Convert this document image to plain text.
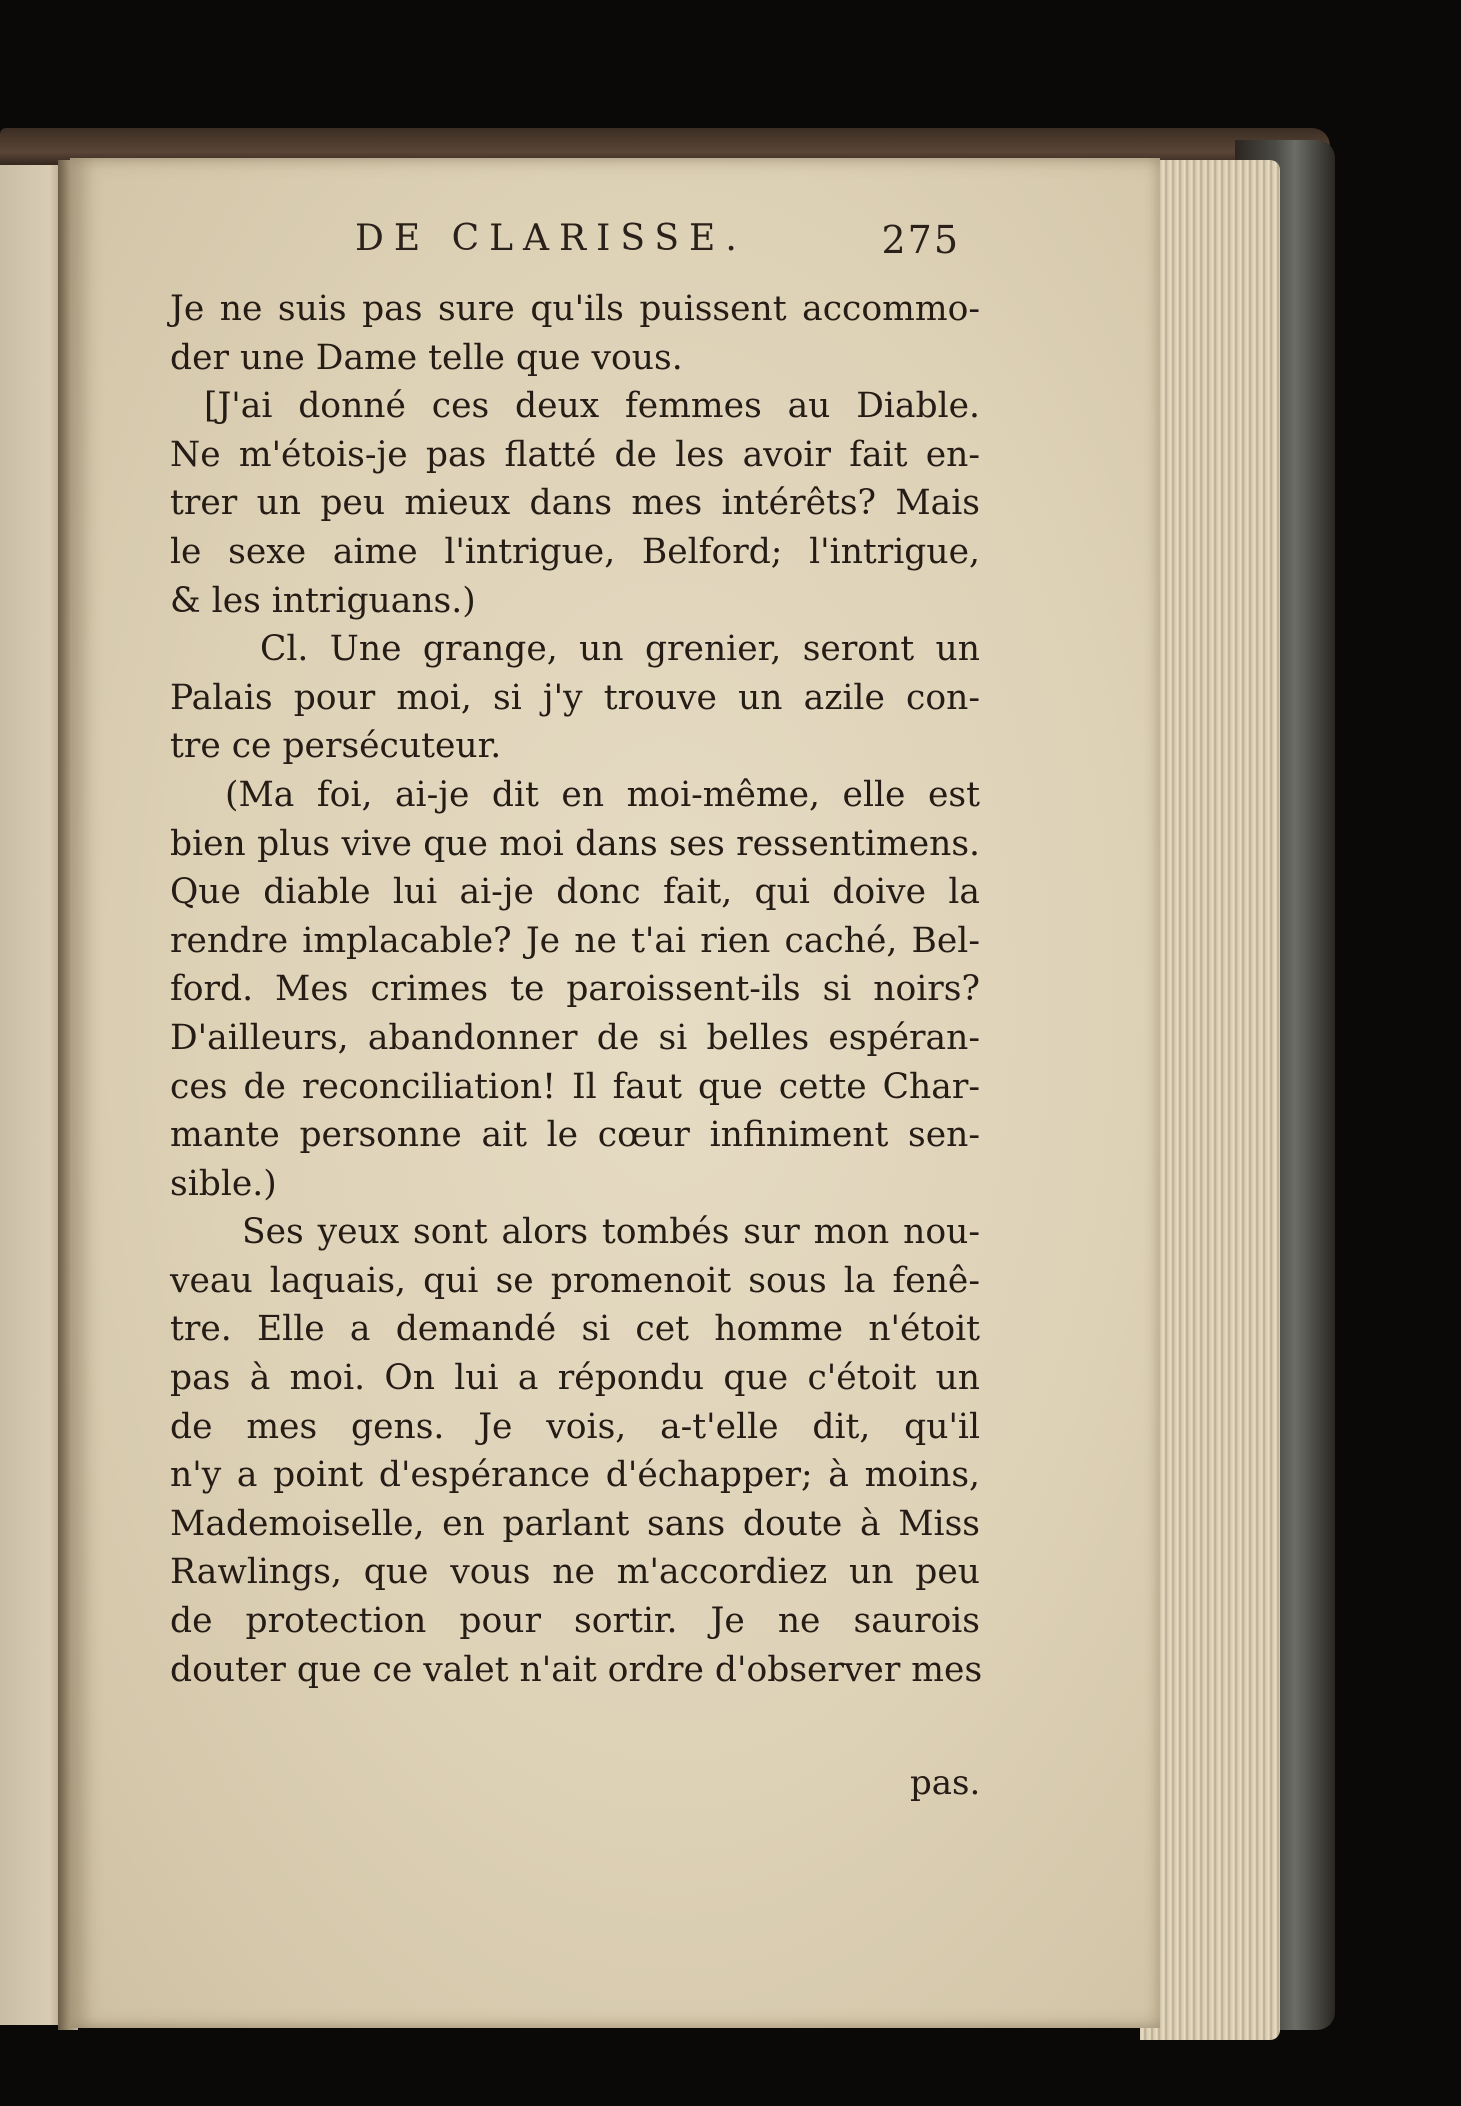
DE CLARISSE.	275
Je ne suis pas sure qu'ils puissent accommo-
der une Dame telle que vous.
[J'ai donné ces deux femmes au Diable.
Ne m'étois-je pas flatté de les avoir fait en-
trer un peu mieux dans mes intérêts? Mais
le sexe aime l'intrigue, Belford; l'intrigue,
& les intriguans.)
Cl. Une grange, un grenier, seront un
Palais pour moi, si j'y trouve un azile con-
tre ce persécuteur.
(Ma foi, ai-je dit en moi-même, elle est
bien plus vive que moi dans ses ressentimens.
Que diable lui ai-je donc fait, qui doive la
rendre implacable? Je ne t'ai rien caché, Bel-
ford. Mes crimes te paroissent-ils si noirs?
D'ailleurs, abandonner de si belles espéran-
ces de reconciliation! Il faut que cette Char-
mante personne ait le cœur infiniment sen-
sible.)
Ses yeux sont alors tombés sur mon nou-
veau laquais, qui se promenoit sous la fenê-
tre. Elle a demandé si cet homme n'étoit
pas à moi. On lui a répondu que c'étoit un
de mes gens. Je vois, a-t'elle dit, qu'il
n'y a point d'espérance d'échapper; à moins,
Mademoiselle, en parlant sans doute à Miss
Rawlings, que vous ne m'accordiez un peu
de protection pour sortir. Je ne saurois
douter que ce valet n'ait ordre d'observer mes
pas.
